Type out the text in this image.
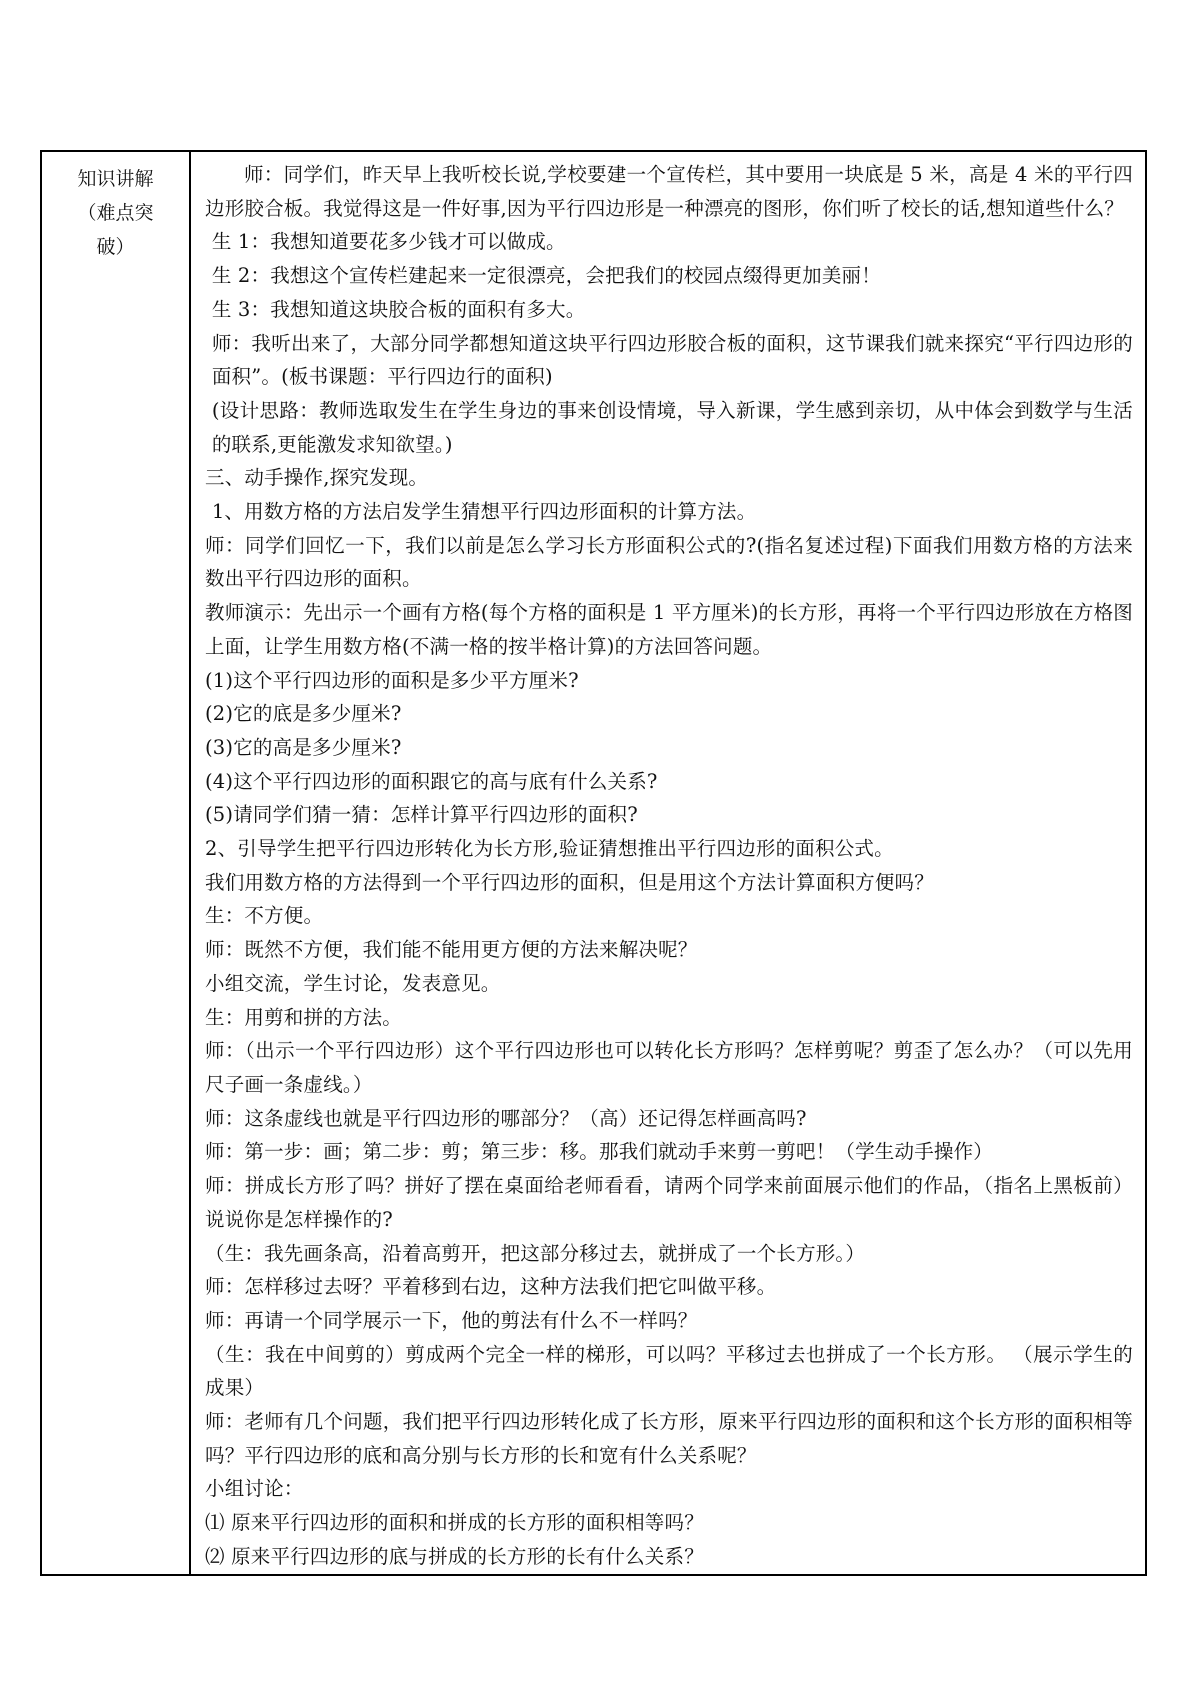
知识讲解
（难点突
破）

师：同学们，昨天早上我听校长说,学校要建一个宣传栏，其中要用一块底是 5 米，高是 4 米的平行四边形胶合板。我觉得这是一件好事,因为平行四边形是一种漂亮的图形，你们听了校长的话,想知道些什么？

生 1：我想知道要花多少钱才可以做成。

生 2：我想这个宣传栏建起来一定很漂亮，会把我们的校园点缀得更加美丽！

生 3：我想知道这块胶合板的面积有多大。

师：我听出来了，大部分同学都想知道这块平行四边形胶合板的面积，这节课我们就来探究“平行四边形的面积”。(板书课题：平行四边行的面积)

(设计思路：教师选取发生在学生身边的事来创设情境，导入新课，学生感到亲切，从中体会到数学与生活的联系,更能激发求知欲望。)

三、动手操作,探究发现。

1、用数方格的方法启发学生猜想平行四边形面积的计算方法。

师：同学们回忆一下，我们以前是怎么学习长方形面积公式的?(指名复述过程)下面我们用数方格的方法来数出平行四边形的面积。

教师演示：先出示一个画有方格(每个方格的面积是 1 平方厘米)的长方形，再将一个平行四边形放在方格图上面，让学生用数方格(不满一格的按半格计算)的方法回答问题。

(1)这个平行四边形的面积是多少平方厘米?

(2)它的底是多少厘米?

(3)它的高是多少厘米?

(4)这个平行四边形的面积跟它的高与底有什么关系?

(5)请同学们猜一猜：怎样计算平行四边形的面积?

2、引导学生把平行四边形转化为长方形,验证猜想推出平行四边形的面积公式。

我们用数方格的方法得到一个平行四边形的面积，但是用这个方法计算面积方便吗？

生：不方便。

师：既然不方便，我们能不能用更方便的方法来解决呢？

小组交流，学生讨论，发表意见。

生：用剪和拼的方法。

师：（出示一个平行四边形）这个平行四边形也可以转化长方形吗？怎样剪呢？剪歪了怎么办？（可以先用尺子画一条虚线。）

师：这条虚线也就是平行四边形的哪部分？（高）还记得怎样画高吗?

师：第一步：画；第二步：剪；第三步：移。那我们就动手来剪一剪吧！（学生动手操作）

师：拼成长方形了吗？拼好了摆在桌面给老师看看，请两个同学来前面展示他们的作品，（指名上黑板前）说说你是怎样操作的?

（生：我先画条高，沿着高剪开，把这部分移过去，就拼成了一个长方形。）

师：怎样移过去呀？平着移到右边，这种方法我们把它叫做平移。

师：再请一个同学展示一下，他的剪法有什么不一样吗？

（生：我在中间剪的）剪成两个完全一样的梯形，可以吗？平移过去也拼成了一个长方形。 （展示学生的成果）

师：老师有几个问题，我们把平行四边形转化成了长方形，原来平行四边形的面积和这个长方形的面积相等吗？平行四边形的底和高分别与长方形的长和宽有什么关系呢？

小组讨论：

⑴ 原来平行四边形的面积和拼成的长方形的面积相等吗？

⑵ 原来平行四边形的底与拼成的长方形的长有什么关系？
